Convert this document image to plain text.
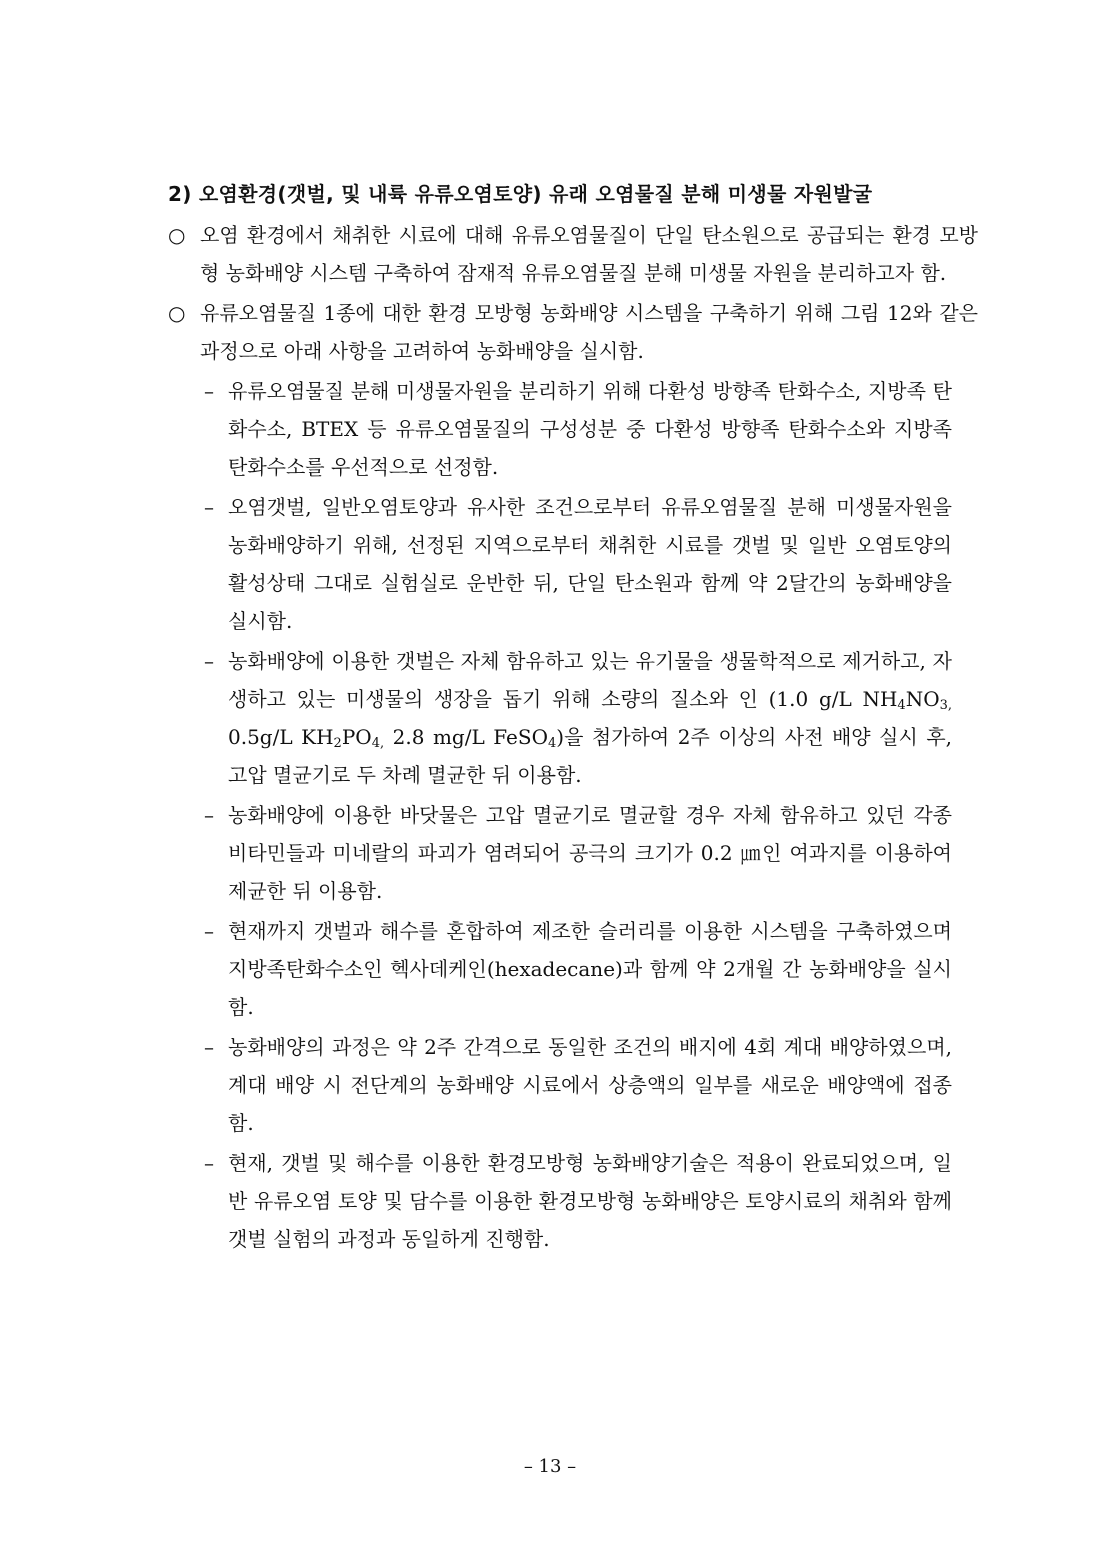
2) 오염환경(갯벌, 및 내륙 유류오염토양) 유래 오염물질 분해 미생물 자원발굴
○ 오염 환경에서 채취한 시료에 대해 유류오염물질이 단일 탄소원으로 공급되는 환경 모방형 농화배양 시스템 구축하여 잠재적 유류오염물질 분해 미생물 자원을 분리하고자 함.
○ 유류오염물질 1종에 대한 환경 모방형 농화배양 시스템을 구축하기 위해 그림 12와 같은 과정으로 아래 사항을 고려하여 농화배양을 실시함.
– 유류오염물질 분해 미생물자원을 분리하기 위해 다환성 방향족 탄화수소, 지방족 탄화수소, BTEX 등 유류오염물질의 구성성분 중 다환성 방향족 탄화수소와 지방족 탄화수소를 우선적으로 선정함.
– 오염갯벌, 일반오염토양과 유사한 조건으로부터 유류오염물질 분해 미생물자원을 농화배양하기 위해, 선정된 지역으로부터 채취한 시료를 갯벌 및 일반 오염토양의 활성상태 그대로 실험실로 운반한 뒤, 단일 탄소원과 함께 약 2달간의 농화배양을 실시함.
– 농화배양에 이용한 갯벌은 자체 함유하고 있는 유기물을 생물학적으로 제거하고, 자생하고 있는 미생물의 생장을 돕기 위해 소량의 질소와 인 (1.0 g/L $NH_4NO_{3,}$ 0.5g/L $KH_2PO_{4,}$ 2.8 mg/L FeSO$_4$)을 첨가하여 2주 이상의 사전 배양 실시 후, 고압 멸균기로 두 차례 멸균한 뒤 이용함.
– 농화배양에 이용한 바닷물은 고압 멸균기로 멸균할 경우 자체 함유하고 있던 각종 비타민들과 미네랄의 파괴가 염려되어 공극의 크기가 0.2 ㎛인 여과지를 이용하여 제균한 뒤 이용함.
– 현재까지 갯벌과 해수를 혼합하여 제조한 슬러리를 이용한 시스템을 구축하였으며 지방족탄화수소인 헥사데케인(hexadecane)과 함께 약 2개월 간 농화배양을 실시함.
– 농화배양의 과정은 약 2주 간격으로 동일한 조건의 배지에 4회 계대 배양하였으며, 계대 배양 시 전단계의 농화배양 시료에서 상층액의 일부를 새로운 배양액에 접종함.
– 현재, 갯벌 및 해수를 이용한 환경모방형 농화배양기술은 적용이 완료되었으며, 일반 유류오염 토양 및 담수를 이용한 환경모방형 농화배양은 토양시료의 채취와 함께 갯벌 실험의 과정과 동일하게 진행함.
– 13 –
